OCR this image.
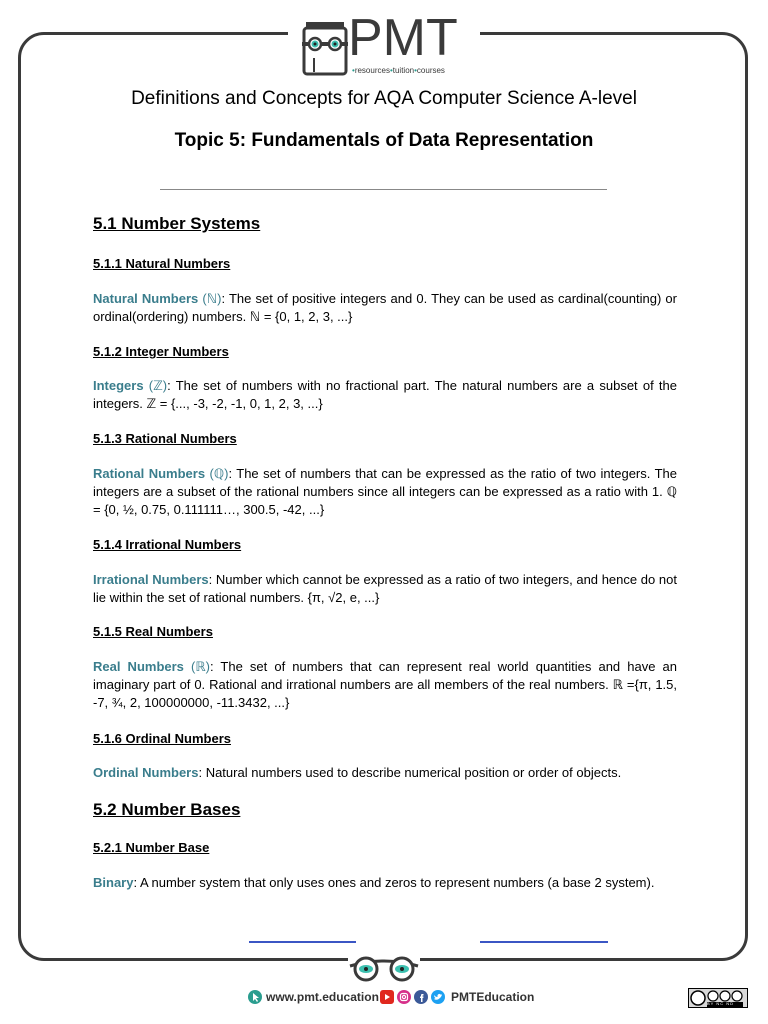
PMT
•resources•tuition•courses
Definitions and Concepts for AQA Computer Science A-level
Topic 5: Fundamentals of Data Representation

5.1 Number Systems

5.1.1 Natural Numbers

Natural Numbers (ℕ): The set of positive integers and 0. They can be used as cardinal(counting) or ordinal(ordering) numbers. ℕ = {0, 1, 2, 3, ...}

5.1.2 Integer Numbers

Integers (ℤ): The set of numbers with no fractional part. The natural numbers are a subset of the integers. ℤ = {..., -3, -2, -1, 0, 1, 2, 3, ...}

5.1.3 Rational Numbers

Rational Numbers (ℚ): The set of numbers that can be expressed as the ratio of two integers. The integers are a subset of the rational numbers since all integers can be expressed as a ratio with 1. ℚ = {0, ½, 0.75, 0.111111…, 300.5, -42, ...}

5.1.4 Irrational Numbers

Irrational Numbers: Number which cannot be expressed as a ratio of two integers, and hence do not lie within the set of rational numbers. {π, √2, e, ...}

5.1.5 Real Numbers

Real Numbers (ℝ): The set of numbers that can represent real world quantities and have an imaginary part of 0. Rational and irrational numbers are all members of the real numbers. ℝ ={π, 1.5, -7, ¾, 2, 100000000, -11.3432, ...}

5.1.6 Ordinal Numbers

Ordinal Numbers: Natural numbers used to describe numerical position or order of objects.

5.2 Number Bases

5.2.1 Number Base

Binary: A number system that only uses ones and zeros to represent numbers (a base 2 system).

www.pmt.education	PMTEducation	BY NC ND
